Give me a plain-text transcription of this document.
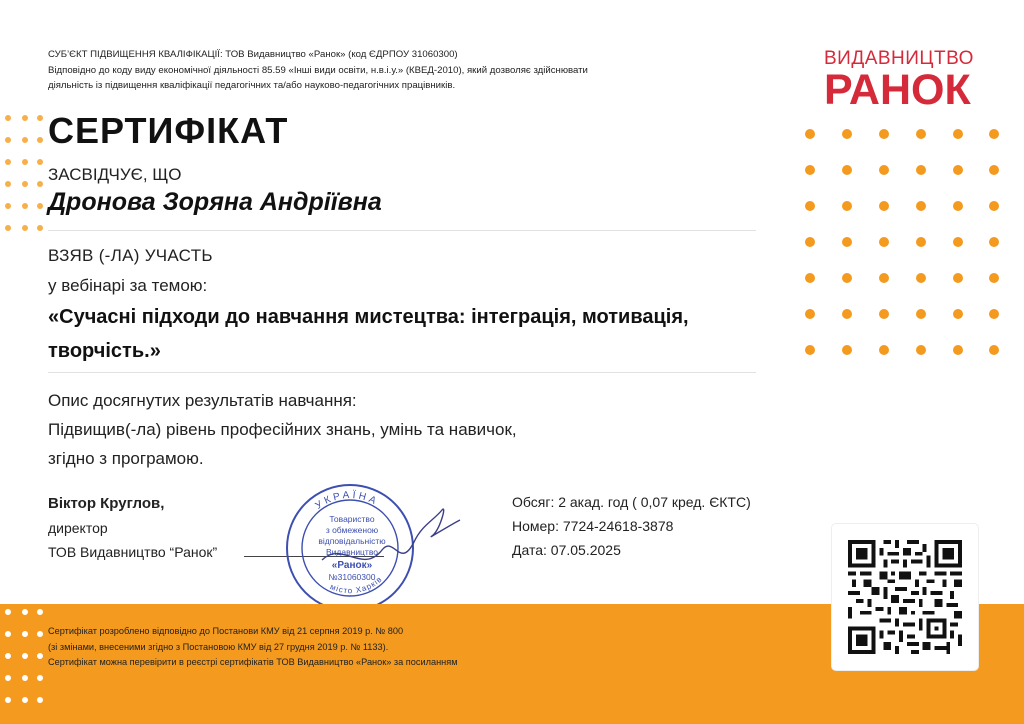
СУБ’ЄКТ ПІДВИЩЕННЯ КВАЛІФІКАЦІЇ: ТОВ Видавництво «Ранок» (код ЄДРПОУ 31060300)
Відповідно до коду виду економічної діяльності 85.59 «Інші види освіти, н.в.і.у.» (КВЕД-2010), який дозволяє здійснювати
діяльність із підвищення кваліфікації педагогічних та/або науково-педагогічних працівників.
ВИДАВНИЦТВО
РАНОК
СЕРТИФІКАТ
ЗАСВІДЧУЄ, ЩО
Дронова Зоряна Андріївна
ВЗЯВ (-ЛА) УЧАСТЬ
у вебінарі за темою:
«Сучасні підходи до навчання мистецтва: інтеграція, мотивація,
творчість.»
Опис досягнутих результатів навчання:
Підвищив(-ла) рівень професійних знань, умінь та навичок,
згідно з програмою.
Віктор Круглов,
директор
ТОВ Видавництво “Ранок”
УКРАЇНА
місто Харків
Товариство
з обмеженою
відповідальністю
Видавництво
«Ранок»
№31060300
Обсяг: 2 акад. год ( 0,07 кред. ЄКТС)
Номер: 7724-24618-3878
Дата: 07.05.2025
Сертифікат розроблено відповідно до Постанови КМУ від 21 серпня 2019 р. № 800
(зі змінами, внесеними згідно з Постановою КМУ від 27 грудня 2019 р. № 1133).
Сертифікат можна перевірити в реєстрі сертифікатів ТОВ Видавництво «Ранок» за посиланням
